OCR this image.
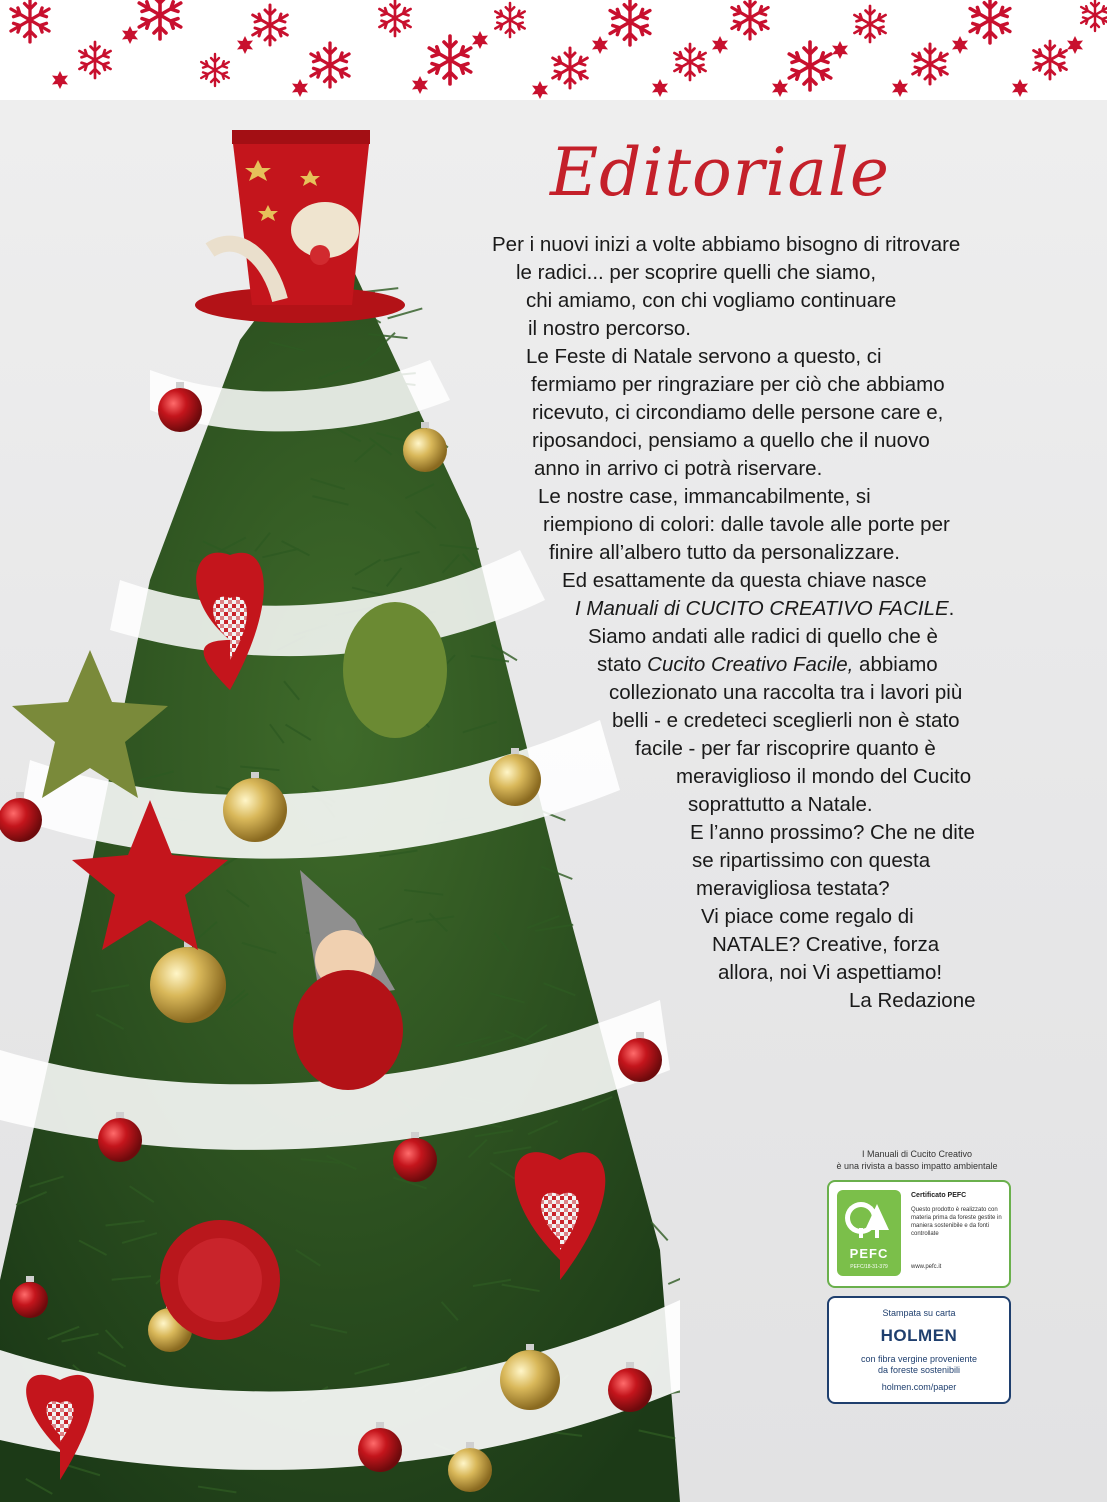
Editoriale
Per i nuovi inizi a volte abbiamo bisogno di ritrovare
le radici... per scoprire quelli che siamo,
chi amiamo, con chi vogliamo continuare
il nostro percorso.
Le Feste di Natale servono a questo, ci
fermiamo per ringraziare per ciò che abbiamo
ricevuto, ci circondiamo delle persone care e,
riposandoci, pensiamo a quello che il nuovo
anno in arrivo ci potrà riservare.
Le nostre case, immancabilmente, si
riempiono di colori: dalle tavole alle porte per
finire all’albero tutto da personalizzare.
Ed esattamente da questa chiave nasce
I Manuali di CUCITO CREATIVO FACILE.
Siamo andati alle radici di quello che è
stato Cucito Creativo Facile, abbiamo
collezionato una raccolta tra i lavori più
belli - e credeteci sceglierli non è stato
facile - per far riscoprire quanto è
meraviglioso il mondo del Cucito
soprattutto a Natale.
E l’anno prossimo? Che ne dite
se ripartissimo con questa
meravigliosa testata?
Vi piace come regalo di
NATALE? Creative, forza
allora, noi Vi aspettiamo!
La Redazione
I Manuali di Cucito Creativo
è una rivista a basso impatto ambientale
PEFC
PEFC/18-31-379
Certificato PEFC
Questo prodotto è realizzato con materia prima da foreste gestite in maniera sostenibile e da fonti controllate
www.pefc.it
Stampata su carta
HOLMEN
con fibra vergine proveniente
da foreste sostenibili
holmen.com/paper
